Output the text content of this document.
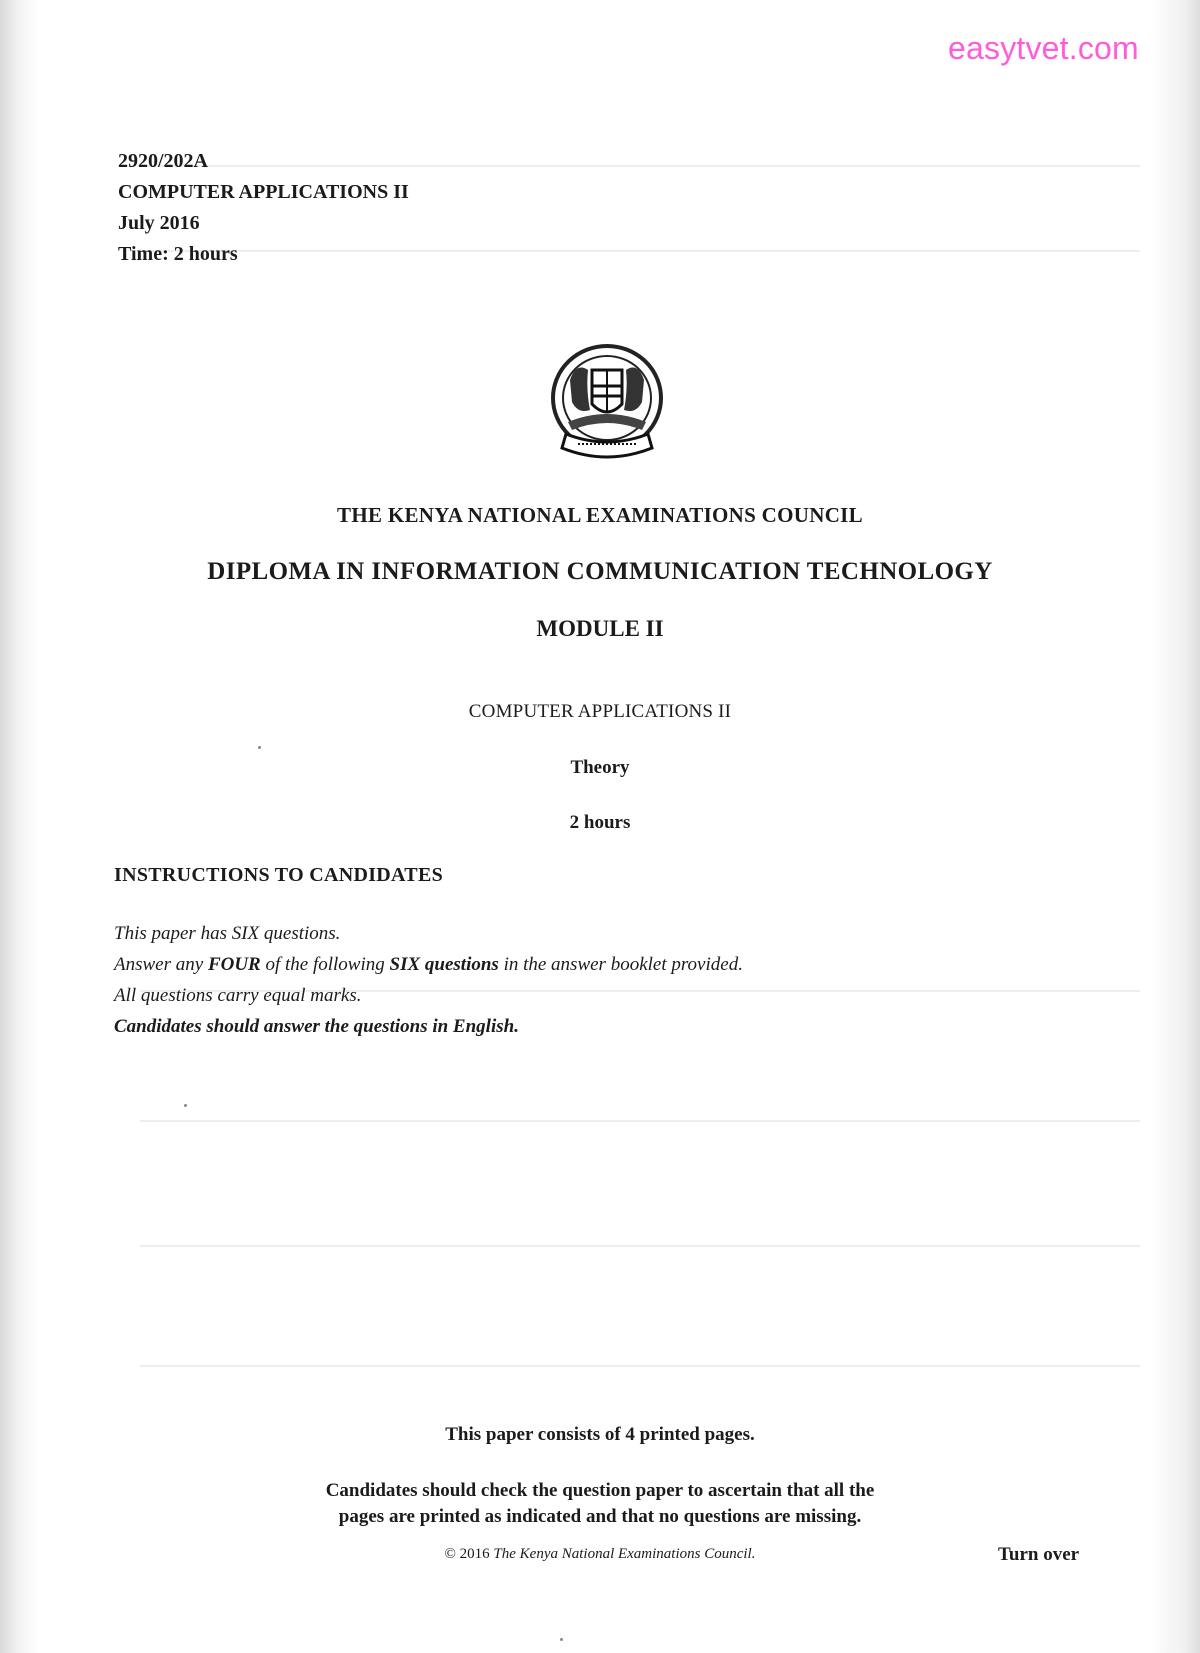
easytvet.com
2920/202A
COMPUTER APPLICATIONS II
July 2016
Time: 2 hours
THE KENYA NATIONAL EXAMINATIONS COUNCIL
DIPLOMA IN INFORMATION COMMUNICATION TECHNOLOGY
MODULE II
COMPUTER APPLICATIONS II
Theory
2 hours
INSTRUCTIONS TO CANDIDATES
This paper has SIX questions.
Answer any FOUR of the following SIX questions in the answer booklet provided.
All questions carry equal marks.
Candidates should answer the questions in English.
This paper consists of 4 printed pages.
Candidates should check the question paper to ascertain that all the
pages are printed as indicated and that no questions are missing.
© 2016 The Kenya National Examinations Council.	Turn over
